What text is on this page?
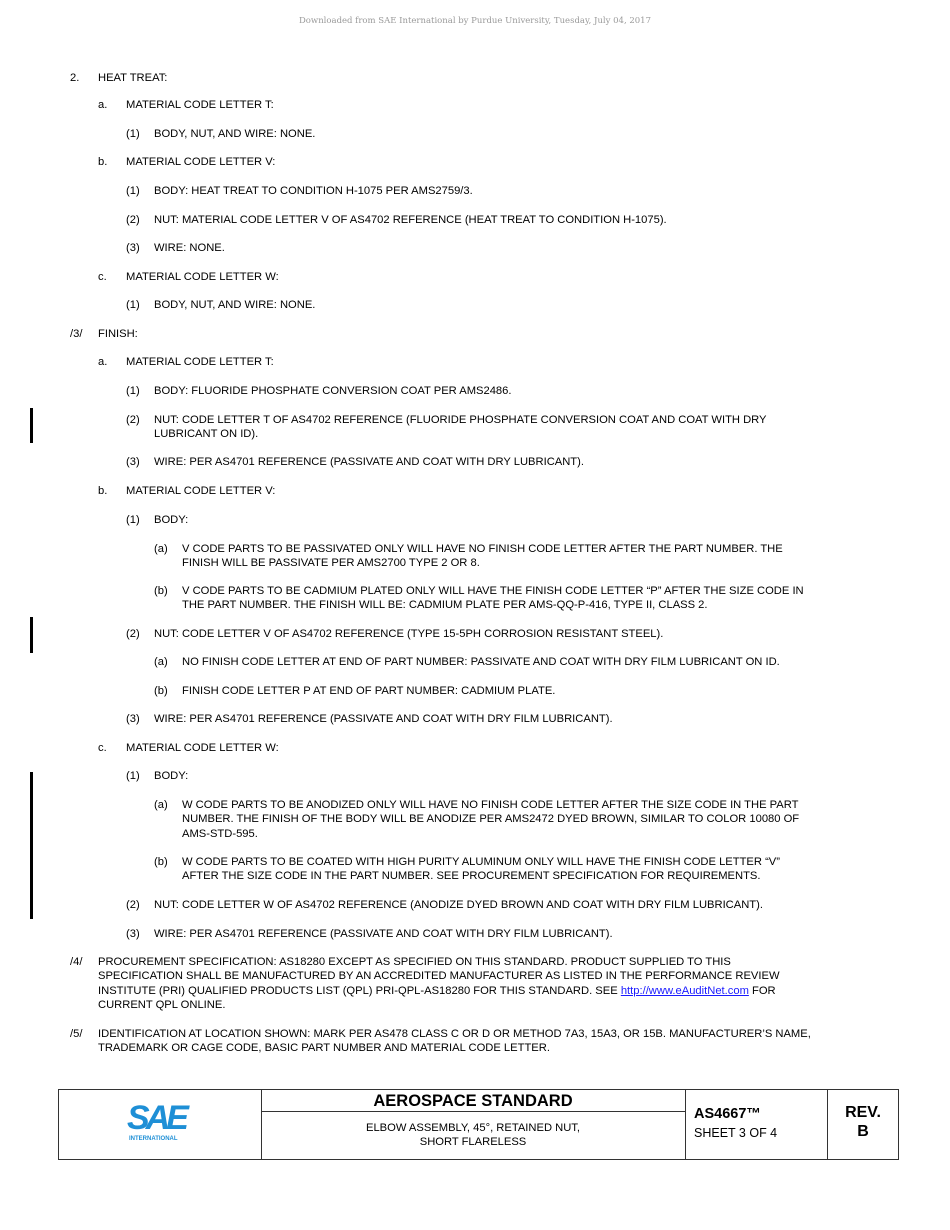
Downloaded from SAE International by Purdue University, Tuesday, July 04, 2017
2. HEAT TREAT:
a. MATERIAL CODE LETTER T:
(1) BODY, NUT, AND WIRE: NONE.
b. MATERIAL CODE LETTER V:
(1) BODY: HEAT TREAT TO CONDITION H-1075 PER AMS2759/3.
(2) NUT: MATERIAL CODE LETTER V OF AS4702 REFERENCE (HEAT TREAT TO CONDITION H-1075).
(3) WIRE: NONE.
c. MATERIAL CODE LETTER W:
(1) BODY, NUT, AND WIRE: NONE.
/3/ FINISH:
a. MATERIAL CODE LETTER T:
(1) BODY: FLUORIDE PHOSPHATE CONVERSION COAT PER AMS2486.
(2) NUT: CODE LETTER T OF AS4702 REFERENCE (FLUORIDE PHOSPHATE CONVERSION COAT AND COAT WITH DRY
LUBRICANT ON ID).
(3) WIRE: PER AS4701 REFERENCE (PASSIVATE AND COAT WITH DRY LUBRICANT).
b. MATERIAL CODE LETTER V:
(1) BODY:
(a) V CODE PARTS TO BE PASSIVATED ONLY WILL HAVE NO FINISH CODE LETTER AFTER THE PART NUMBER. THE
FINISH WILL BE PASSIVATE PER AMS2700 TYPE 2 OR 8.
(b) V CODE PARTS TO BE CADMIUM PLATED ONLY WILL HAVE THE FINISH CODE LETTER “P” AFTER THE SIZE CODE IN
THE PART NUMBER. THE FINISH WILL BE: CADMIUM PLATE PER AMS-QQ-P-416, TYPE II, CLASS 2.
(2) NUT: CODE LETTER V OF AS4702 REFERENCE (TYPE 15-5PH CORROSION RESISTANT STEEL).
(a) NO FINISH CODE LETTER AT END OF PART NUMBER: PASSIVATE AND COAT WITH DRY FILM LUBRICANT ON ID.
(b) FINISH CODE LETTER P AT END OF PART NUMBER: CADMIUM PLATE.
(3) WIRE: PER AS4701 REFERENCE (PASSIVATE AND COAT WITH DRY FILM LUBRICANT).
c. MATERIAL CODE LETTER W:
(1) BODY:
(a) W CODE PARTS TO BE ANODIZED ONLY WILL HAVE NO FINISH CODE LETTER AFTER THE SIZE CODE IN THE PART
NUMBER. THE FINISH OF THE BODY WILL BE ANODIZE PER AMS2472 DYED BROWN, SIMILAR TO COLOR 10080 OF
AMS-STD-595.
(b) W CODE PARTS TO BE COATED WITH HIGH PURITY ALUMINUM ONLY WILL HAVE THE FINISH CODE LETTER “V”
AFTER THE SIZE CODE IN THE PART NUMBER. SEE PROCUREMENT SPECIFICATION FOR REQUIREMENTS.
(2) NUT: CODE LETTER W OF AS4702 REFERENCE (ANODIZE DYED BROWN AND COAT WITH DRY FILM LUBRICANT).
(3) WIRE: PER AS4701 REFERENCE (PASSIVATE AND COAT WITH DRY FILM LUBRICANT).
/4/ PROCUREMENT SPECIFICATION: AS18280 EXCEPT AS SPECIFIED ON THIS STANDARD. PRODUCT SUPPLIED TO THIS
SPECIFICATION SHALL BE MANUFACTURED BY AN ACCREDITED MANUFACTURER AS LISTED IN THE PERFORMANCE REVIEW
INSTITUTE (PRI) QUALIFIED PRODUCTS LIST (QPL) PRI-QPL-AS18280 FOR THIS STANDARD. SEE http://www.eAuditNet.com FOR
CURRENT QPL ONLINE.
/5/ IDENTIFICATION AT LOCATION SHOWN: MARK PER AS478 CLASS C OR D OR METHOD 7A3, 15A3, OR 15B. MANUFACTURER’S NAME,
TRADEMARK OR CAGE CODE, BASIC PART NUMBER AND MATERIAL CODE LETTER.
SAE
INTERNATIONAL
AEROSPACE STANDARD
ELBOW ASSEMBLY, 45°, RETAINED NUT,
SHORT FLARELESS
AS4667™
SHEET 3 OF 4
REV.
B
